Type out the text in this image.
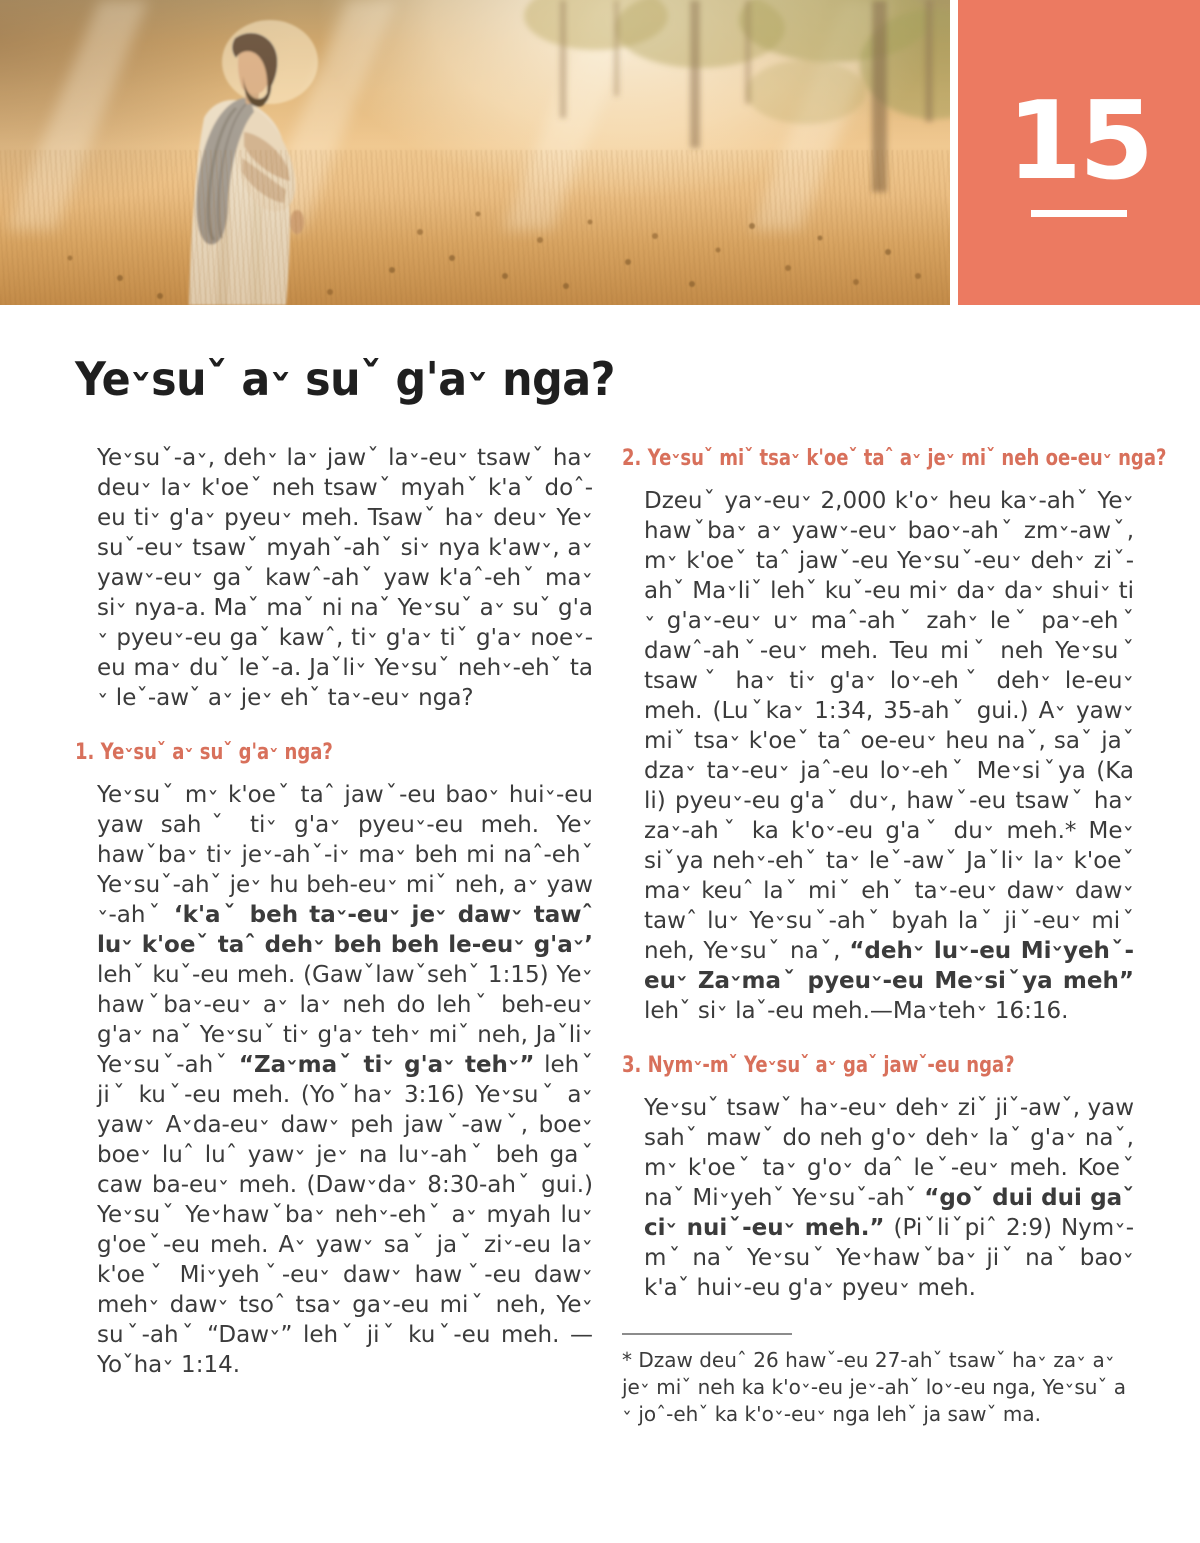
15
Yeˇsuˇ aˇ suˇ g'aˇ nga?

Yeˇsuˇ-aˇ, dehˇ laˇ jawˇ laˇ-euˇ tsawˇ haˇ deuˇ laˇ k'oeˇ neh tsawˇ myahˇ k'aˇ doˆ-eu tiˇ g'aˇ pyeuˇ meh. Tsawˇ haˇ deuˇ Yeˇsuˇ-euˇ tsawˇ myahˇ-ahˇ siˇ nya k'awˇ, aˇ yawˇ-euˇ gaˇ kawˆ-ahˇ yaw k'aˆ-ehˇ maˇ siˇ nya-a. Maˇ maˇ ni naˇ Yeˇsuˇ aˇ suˇ g'aˇ pyeuˇ-eu gaˇ kawˆ, tiˇ g'aˇ tiˇ g'aˇ noeˇ-eu maˇ duˇ leˇ-a. Jaˇliˇ Yeˇsuˇ nehˇ-ehˇ taˇ leˇ-awˇ aˇ jeˇ ehˇ taˇ-euˇ nga?

1. Yeˇsuˇ aˇ suˇ g'aˇ nga?

Yeˇsuˇ mˇ k'oeˇ taˆ jawˇ-eu baoˇ huiˇ-eu yaw sahˇ tiˇ g'aˇ pyeuˇ-eu meh. Yeˇhawˇbaˇ tiˇ jeˇ-ahˇ-iˇ maˇ beh mi naˆ-ehˇ Yeˇsuˇ-ahˇ jeˇ hu beh-euˇ miˇ neh, aˇ yawˇ-ahˇ ‘k'aˇ beh taˇ-euˇ jeˇ dawˇ tawˆ luˇ k'oeˇ taˆ dehˇ beh beh le-euˇ g'aˇ’ lehˇ kuˇ-eu meh. (Gawˇlawˇsehˇ 1:15) Yeˇhawˇbaˇ-euˇ aˇ laˇ neh do lehˇ beh-euˇ g'aˇ naˇ Yeˇsuˇ tiˇ g'aˇ tehˇ miˇ neh, Jaˇliˇ Yeˇsuˇ-ahˇ “Zaˇmaˇ tiˇ g'aˇ tehˇ” lehˇ jiˇ kuˇ-eu meh. (Yoˇhaˇ 3:16) Yeˇsuˇ aˇ yawˇ Aˇda-euˇ dawˇ peh jawˇ-awˇ, boeˇ boeˇ luˆ luˆ yawˇ jeˇ na luˇ-ahˇ beh gaˇ caw ba-euˇ meh. (Dawˇdaˇ 8:30-ahˇ gui.) Yeˇsuˇ Yeˇhawˇbaˇ nehˇ-ehˇ aˇ myah luˇ g'oeˇ-eu meh. Aˇ yawˇ saˇ jaˇ ziˇ-eu laˇ k'oeˇ Miˇyehˇ-euˇ dawˇ hawˇ-eu dawˇ mehˇ dawˇ tsoˆ tsaˇ gaˇ-eu miˇ neh, Yeˇsuˇ-ahˇ “Dawˇ” lehˇ jiˇ kuˇ-eu meh. —Yoˇhaˇ 1:14.

2. Yeˇsuˇ miˇ tsaˇ k'oeˇ taˆ aˇ jeˇ miˇ neh oe-euˇ nga?

Dzeuˇ yaˇ-euˇ 2,000 k'oˇ heu kaˇ-ahˇ Yeˇhawˇbaˇ aˇ yawˇ-euˇ baoˇ-ahˇ zmˇ-awˇ, mˇ k'oeˇ taˆ jawˇ-eu Yeˇsuˇ-euˇ dehˇ ziˇ-ahˇ Maˇliˇ lehˇ kuˇ-eu miˇ daˇ daˇ shuiˇ tiˇ g'aˇ-euˇ uˇ maˆ-ahˇ zahˇ leˇ paˇ-ehˇ dawˆ-ahˇ-euˇ meh. Teu miˇ neh Yeˇsuˇ tsawˇ haˇ tiˇ g'aˇ loˇ-ehˇ dehˇ le-euˇ meh. (Luˇkaˇ 1:34, 35-ahˇ gui.) Aˇ yawˇ miˇ tsaˇ k'oeˇ taˆ oe-euˇ heu naˇ, saˇ jaˇ dzaˇ taˇ-euˇ jaˆ-eu loˇ-ehˇ Meˇsiˇya (Ka li) pyeuˇ-eu g'aˇ duˇ, hawˇ-eu tsawˇ haˇ zaˇ-ahˇ ka k'oˇ-eu g'aˇ duˇ meh.* Meˇsiˇya nehˇ-ehˇ taˇ leˇ-awˇ Jaˇliˇ laˇ k'oeˇ maˇ keuˆ laˇ miˇ ehˇ taˇ-euˇ dawˇ dawˇ tawˆ luˇ Yeˇsuˇ-ahˇ byah laˇ jiˇ-euˇ miˇ neh, Yeˇsuˇ naˇ, “dehˇ luˇ-eu Miˇyehˇ-euˇ Zaˇmaˇ pyeuˇ-eu Meˇsiˇya meh” lehˇ siˇ laˇ-eu meh.—Maˇtehˇ 16:16.

3. Nymˇ-mˇ Yeˇsuˇ aˇ gaˇ jawˇ-eu nga?

Yeˇsuˇ tsawˇ haˇ-euˇ dehˇ ziˇ jiˇ-awˇ, yaw sahˇ mawˇ do neh g'oˇ dehˇ laˇ g'aˇ naˇ, mˇ k'oeˇ taˇ g'oˇ daˆ leˇ-euˇ meh. Koeˇ naˇ Miˇyehˇ Yeˇsuˇ-ahˇ “goˇ dui dui gaˇ ciˇ nuiˇ-euˇ meh.” (Piˇliˇpiˆ 2:9) Nymˇ-mˇ naˇ Yeˇsuˇ Yeˇhawˇbaˇ jiˇ naˇ baoˇ k'aˇ huiˇ-eu g'aˇ pyeuˇ meh.

* Dzaw deuˆ 26 hawˇ-eu 27-ahˇ tsawˇ haˇ zaˇ aˇ jeˇ miˇ neh ka k'oˇ-eu jeˇ-ahˇ loˇ-eu nga, Yeˇsuˇ aˇ joˆ-ehˇ ka k'oˇ-euˇ nga lehˇ ja sawˇ ma.
